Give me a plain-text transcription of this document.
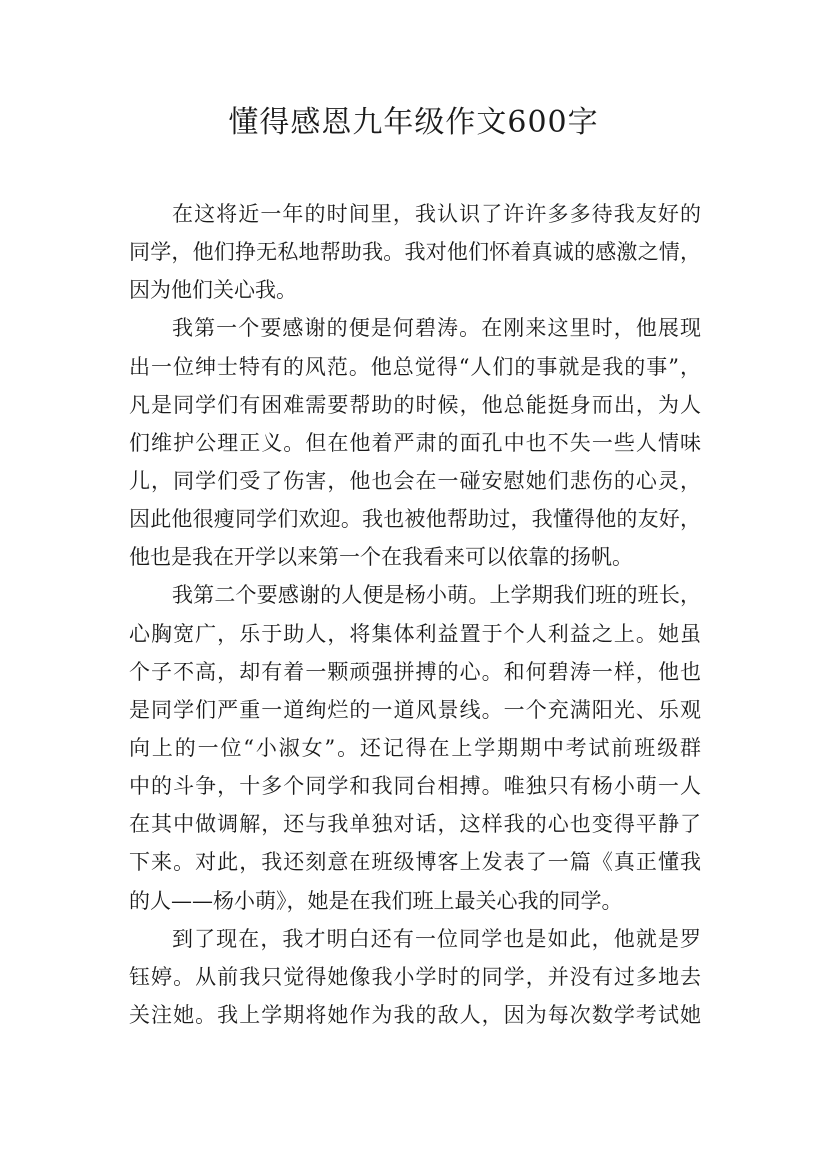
懂得感恩九年级作文600字
在这将近一年的时间里，我认识了许许多多待我友好的
同学，他们挣无私地帮助我。我对他们怀着真诚的感激之情，
因为他们关心我。
我第一个要感谢的便是何碧涛。在刚来这里时，他展现
出一位绅士特有的风范。他总觉得“人们的事就是我的事”，
凡是同学们有困难需要帮助的时候，他总能挺身而出，为人
们维护公理正义。但在他着严肃的面孔中也不失一些人情味
儿，同学们受了伤害，他也会在一碰安慰她们悲伤的心灵，
因此他很瘦同学们欢迎。我也被他帮助过，我懂得他的友好，
他也是我在开学以来第一个在我看来可以依靠的扬帆。
我第二个要感谢的人便是杨小萌。上学期我们班的班长，
心胸宽广，乐于助人，将集体利益置于个人利益之上。她虽
个子不高，却有着一颗顽强拼搏的心。和何碧涛一样，他也
是同学们严重一道绚烂的一道风景线。一个充满阳光、乐观
向上的一位“小淑女”。还记得在上学期期中考试前班级群
中的斗争，十多个同学和我同台相搏。唯独只有杨小萌一人
在其中做调解，还与我单独对话，这样我的心也变得平静了
下来。对此，我还刻意在班级博客上发表了一篇《真正懂我
的人——杨小萌》，她是在我们班上最关心我的同学。
到了现在，我才明白还有一位同学也是如此，他就是罗
钰婷。从前我只觉得她像我小学时的同学，并没有过多地去
关注她。我上学期将她作为我的敌人，因为每次数学考试她
